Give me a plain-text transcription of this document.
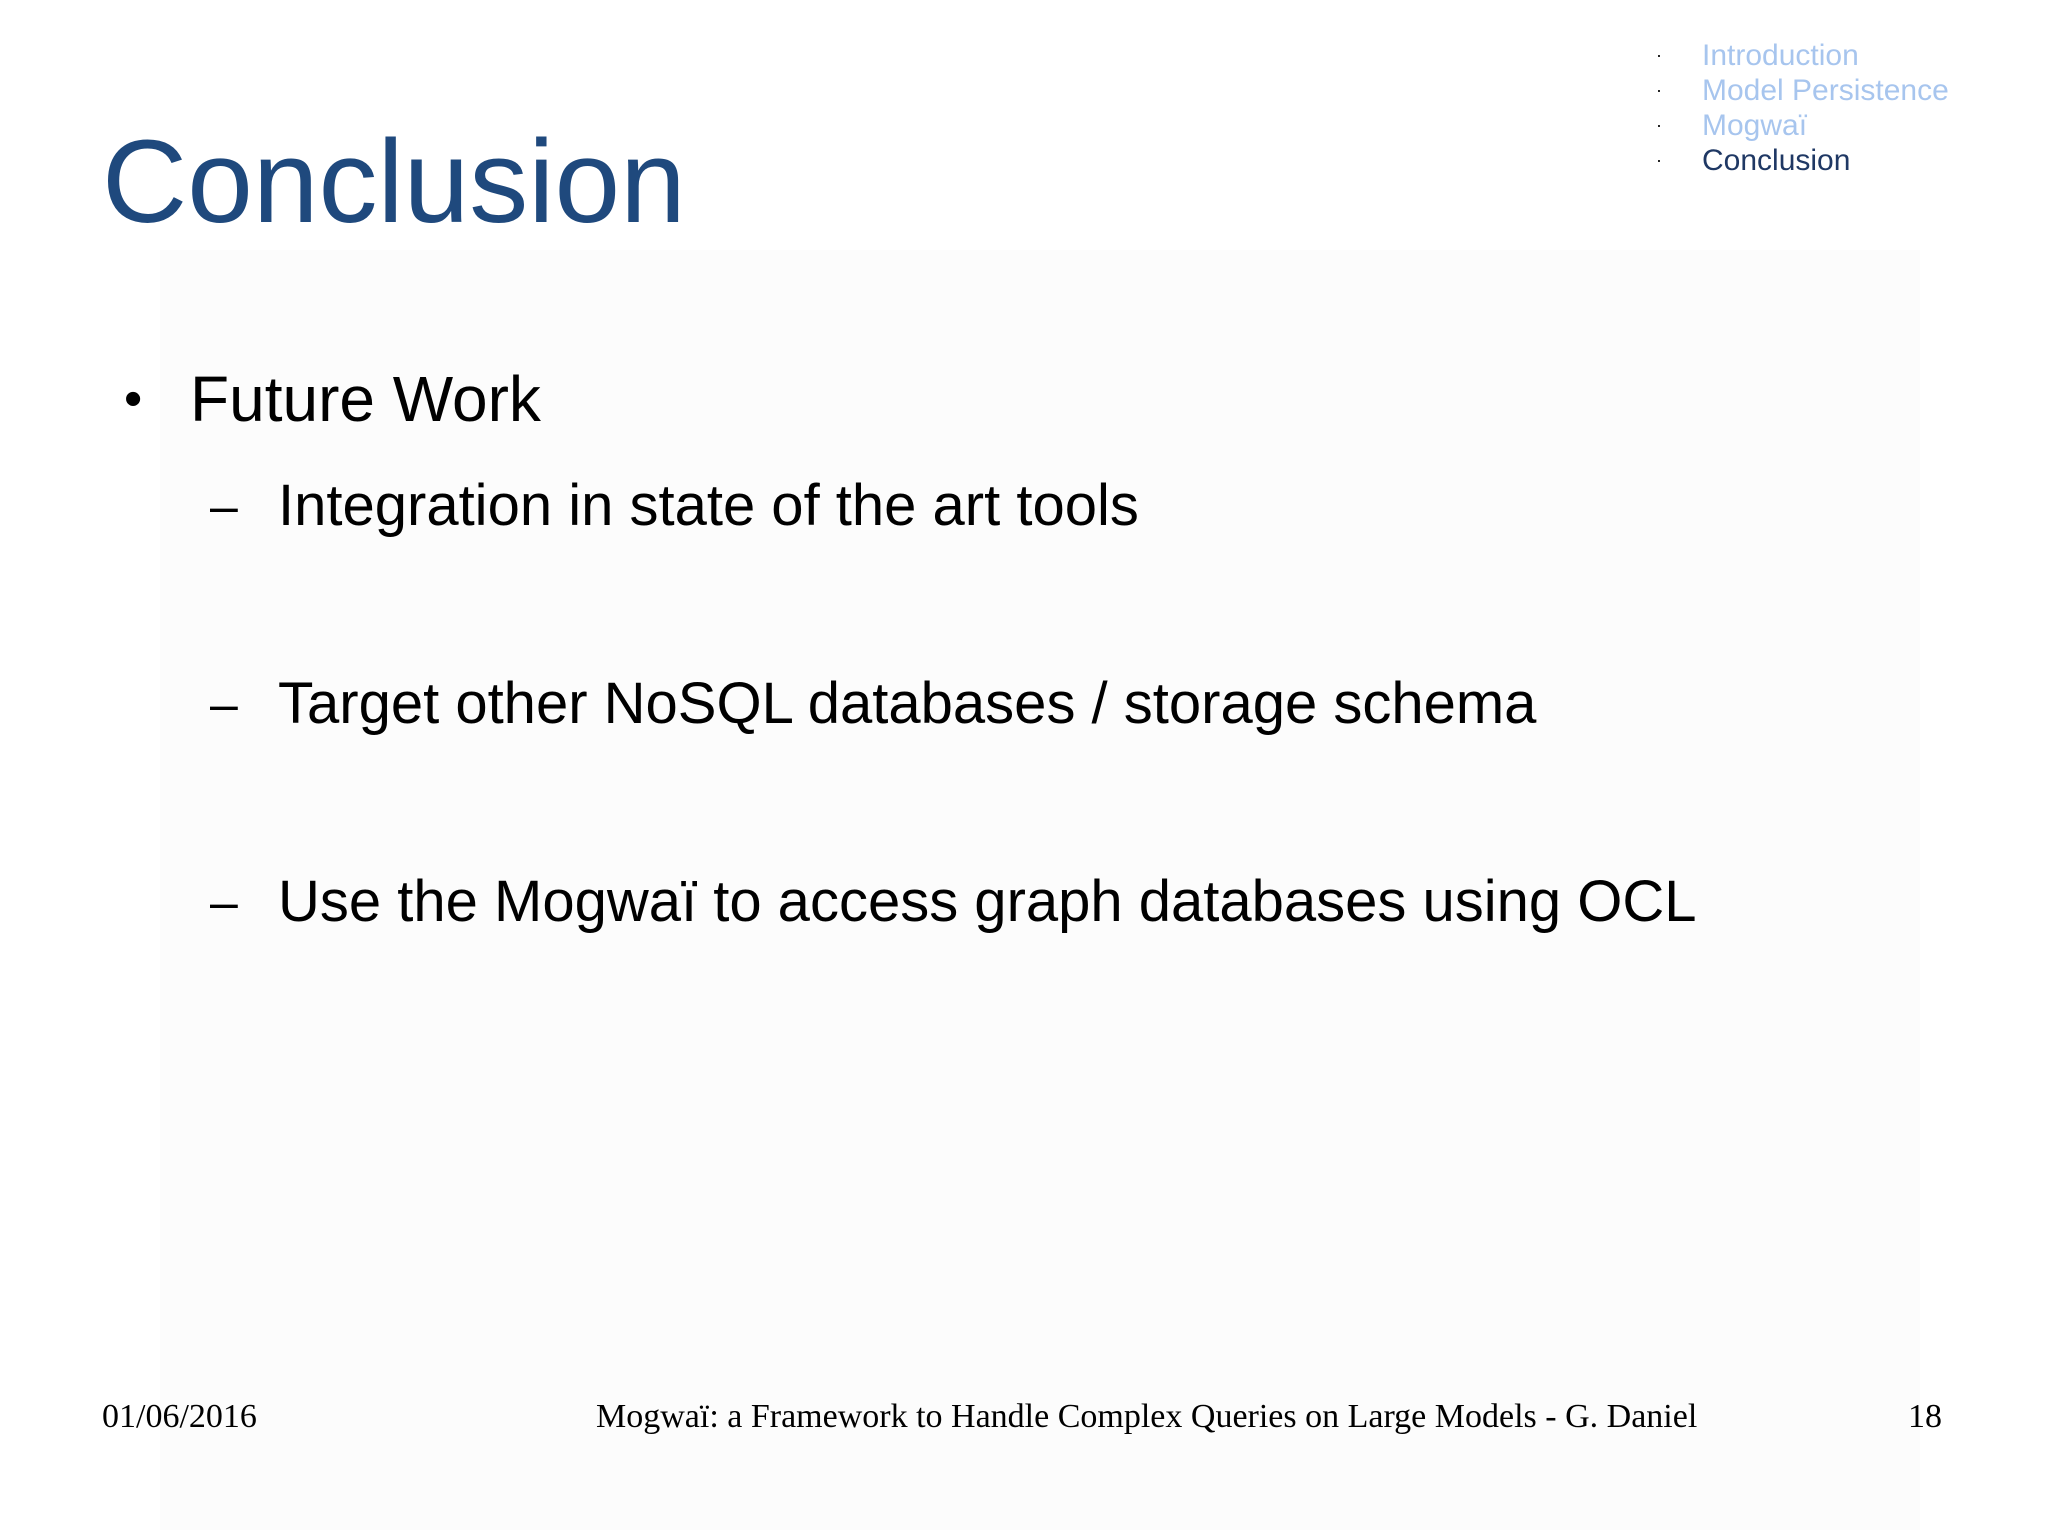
Conclusion
·	Introduction
·	Model Persistence
·	Mogwaï
·	Conclusion
• Future Work
– Integration in state of the art tools
– Target other NoSQL databases / storage schema
– Use the Mogwaï to access graph databases using OCL
01/06/2016	Mogwaï: a Framework to Handle Complex Queries on Large Models - G. Daniel	18
